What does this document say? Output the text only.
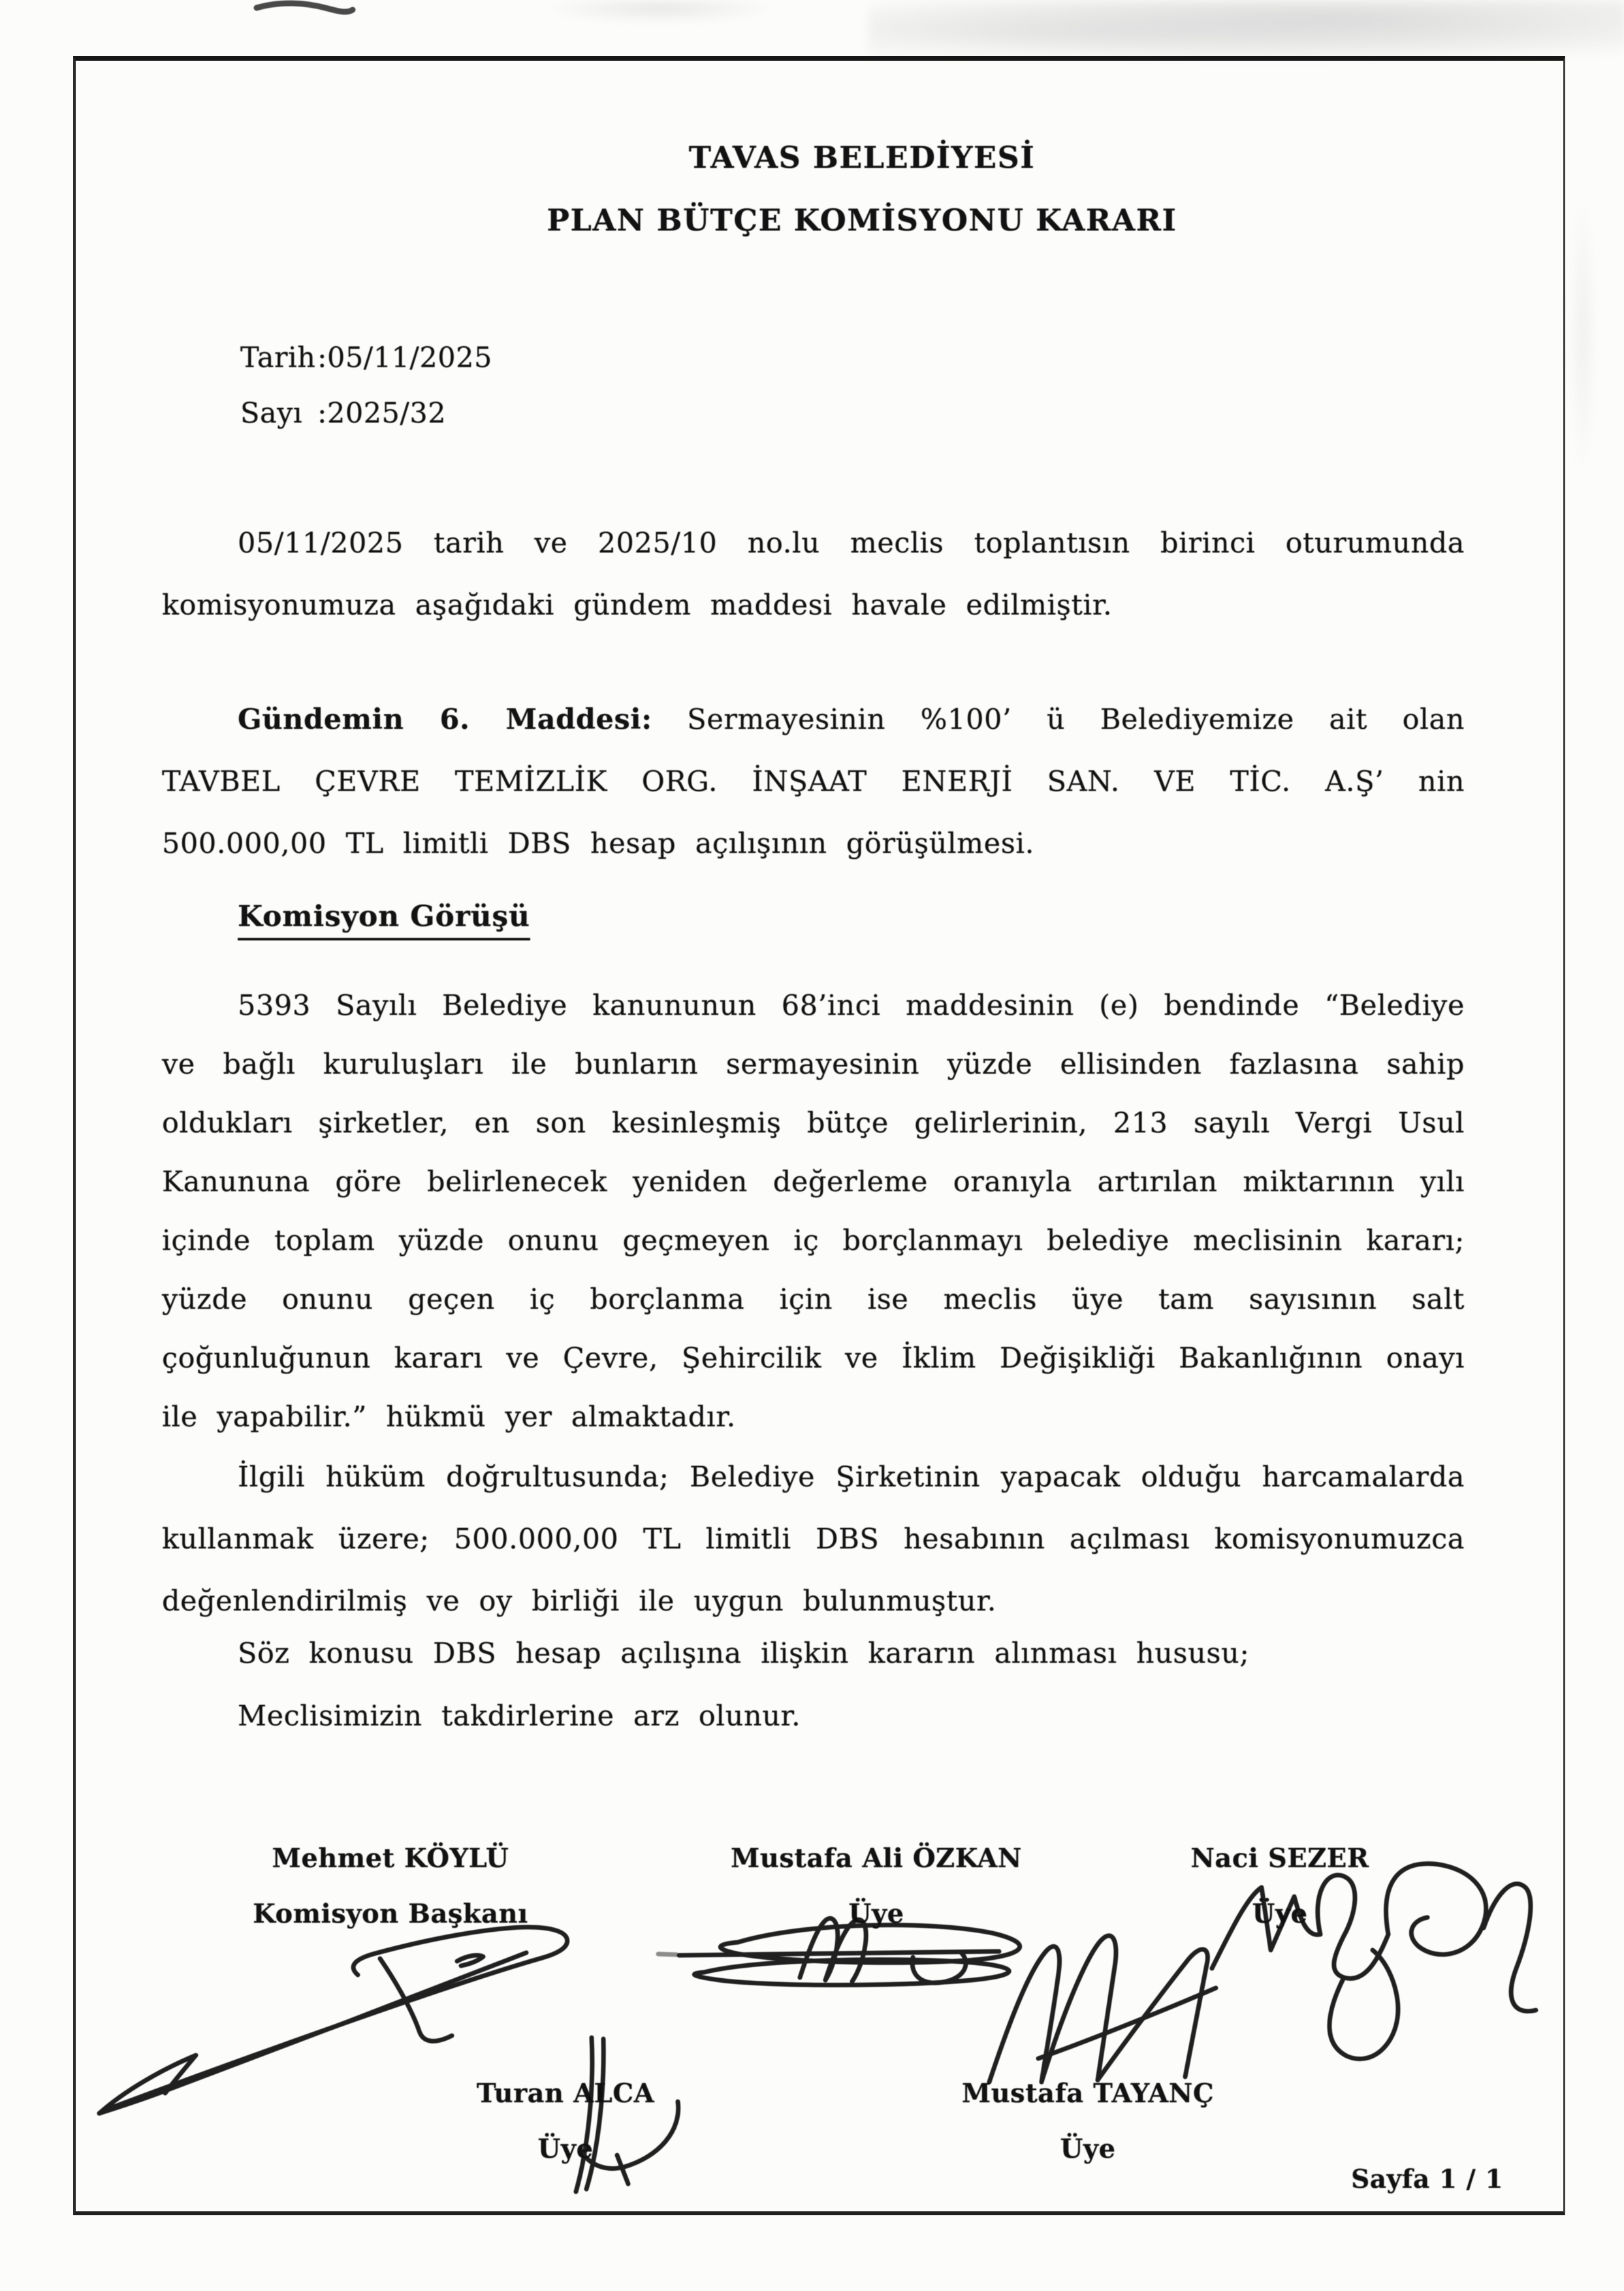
TAVAS BELEDİYESİ
PLAN BÜTÇE KOMİSYONU KARARI
Tarih:05/11/2025
Sayı :2025/32

05/11/2025 tarih ve 2025/10 no.lu meclis toplantısın birinci oturumunda komisyonumuza aşağıdaki gündem maddesi havale edilmiştir.

Gündemin 6. Maddesi: Sermayesinin %100’ ü Belediyemize ait olan TAVBEL ÇEVRE TEMİZLİK ORG. İNŞAAT ENERJİ SAN. VE TİC. A.Ş’ nin 500.000,00 TL limitli DBS hesap açılışının görüşülmesi.

Komisyon Görüşü

5393 Sayılı Belediye kanununun 68’inci maddesinin (e) bendinde “Belediye ve bağlı kuruluşları ile bunların sermayesinin yüzde ellisinden fazlasına sahip oldukları şirketler, en son kesinleşmiş bütçe gelirlerinin, 213 sayılı Vergi Usul Kanununa göre belirlenecek yeniden değerleme oranıyla artırılan miktarının yılı içinde toplam yüzde onunu geçmeyen iç borçlanmayı belediye meclisinin kararı; yüzde onunu geçen iç borçlanma için ise meclis üye tam sayısının salt çoğunluğunun kararı ve Çevre, Şehircilik ve İklim Değişikliği Bakanlığının onayı ile yapabilir.” hükmü yer almaktadır.

İlgili hüküm doğrultusunda; Belediye Şirketinin yapacak olduğu harcamalarda kullanmak üzere; 500.000,00 TL limitli DBS hesabının açılması komisyonumuzca değenlendirilmiş ve oy birliği ile uygun bulunmuştur.

Söz konusu DBS hesap açılışına ilişkin kararın alınması hususu;

Meclisimizin takdirlerine arz olunur.

Mehmet KÖYLÜ
Komisyon Başkanı
Mustafa Ali ÖZKAN
Üye
Naci SEZER
Üye
Turan ALCA
Üye
Mustafa TAYANÇ
Üye
Sayfa 1 / 1
